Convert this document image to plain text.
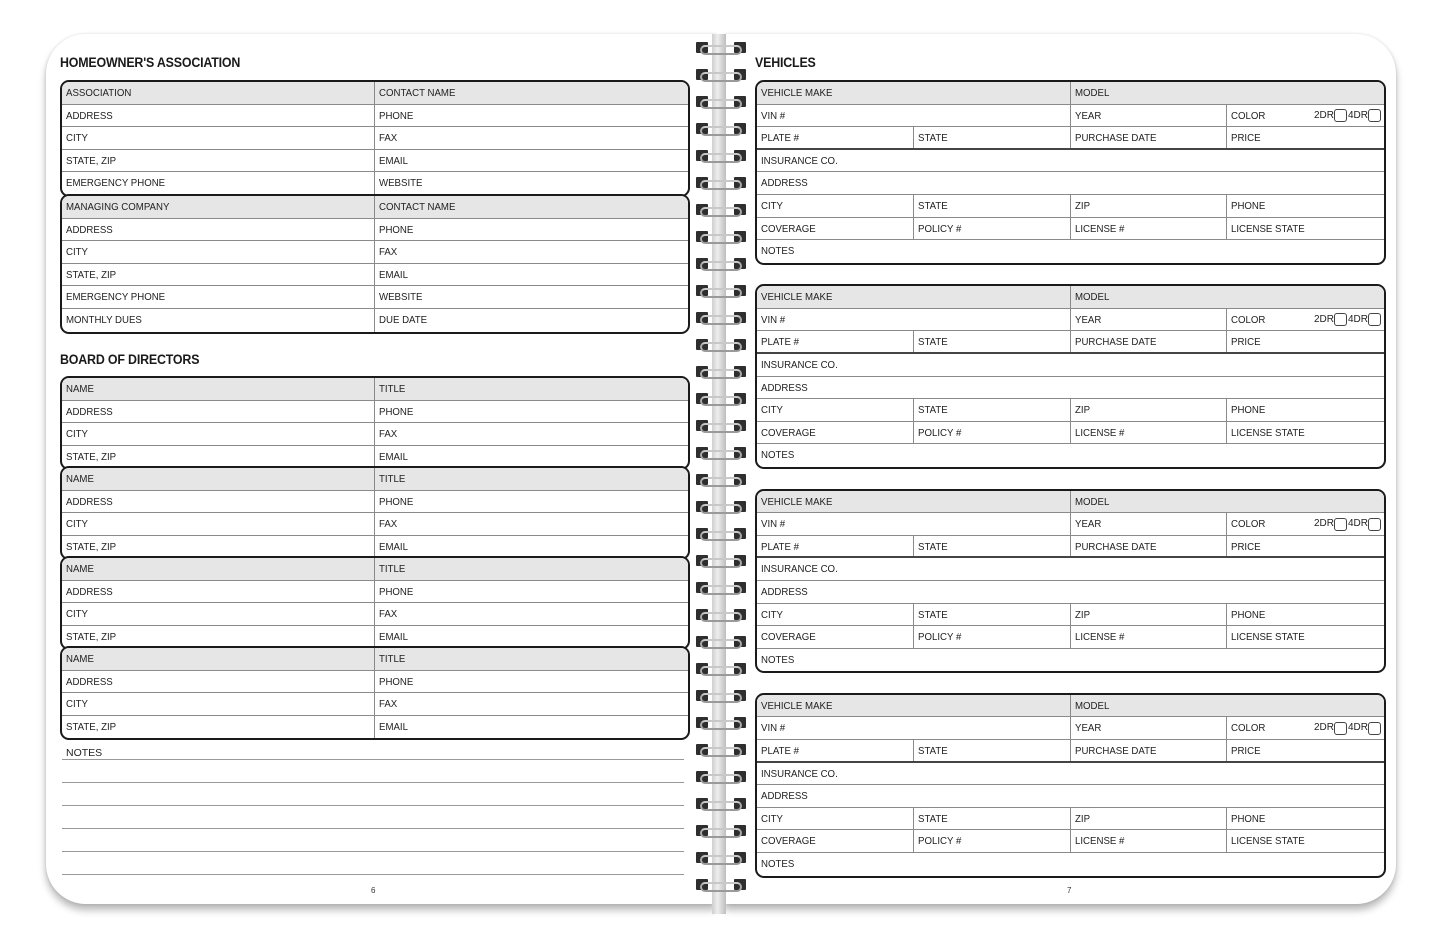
HOMEOWNER'S ASSOCIATION
ASSOCIATION	CONTACT NAME
ADDRESS	PHONE
CITY	FAX
STATE, ZIP	EMAIL
EMERGENCY PHONE	WEBSITE
MANAGING COMPANY	CONTACT NAME
ADDRESS	PHONE
CITY	FAX
STATE, ZIP	EMAIL
EMERGENCY PHONE	WEBSITE
MONTHLY DUES	DUE DATE
BOARD OF DIRECTORS
NAME	TITLE
ADDRESS	PHONE
CITY	FAX
STATE, ZIP	EMAIL
NAME	TITLE
ADDRESS	PHONE
CITY	FAX
STATE, ZIP	EMAIL
NAME	TITLE
ADDRESS	PHONE
CITY	FAX
STATE, ZIP	EMAIL
NAME	TITLE
ADDRESS	PHONE
CITY	FAX
STATE, ZIP	EMAIL
NOTES
6
VEHICLES
VEHICLE MAKE	MODEL
VIN #	YEAR	COLOR	2DR 4DR
PLATE #	STATE	PURCHASE DATE	PRICE
INSURANCE CO.
ADDRESS
CITY	STATE	ZIP	PHONE
COVERAGE	POLICY #	LICENSE #	LICENSE STATE
NOTES
VEHICLE MAKE	MODEL
VIN #	YEAR	COLOR	2DR 4DR
PLATE #	STATE	PURCHASE DATE	PRICE
INSURANCE CO.
ADDRESS
CITY	STATE	ZIP	PHONE
COVERAGE	POLICY #	LICENSE #	LICENSE STATE
NOTES
VEHICLE MAKE	MODEL
VIN #	YEAR	COLOR	2DR 4DR
PLATE #	STATE	PURCHASE DATE	PRICE
INSURANCE CO.
ADDRESS
CITY	STATE	ZIP	PHONE
COVERAGE	POLICY #	LICENSE #	LICENSE STATE
NOTES
VEHICLE MAKE	MODEL
VIN #	YEAR	COLOR	2DR 4DR
PLATE #	STATE	PURCHASE DATE	PRICE
INSURANCE CO.
ADDRESS
CITY	STATE	ZIP	PHONE
COVERAGE	POLICY #	LICENSE #	LICENSE STATE
NOTES
7
